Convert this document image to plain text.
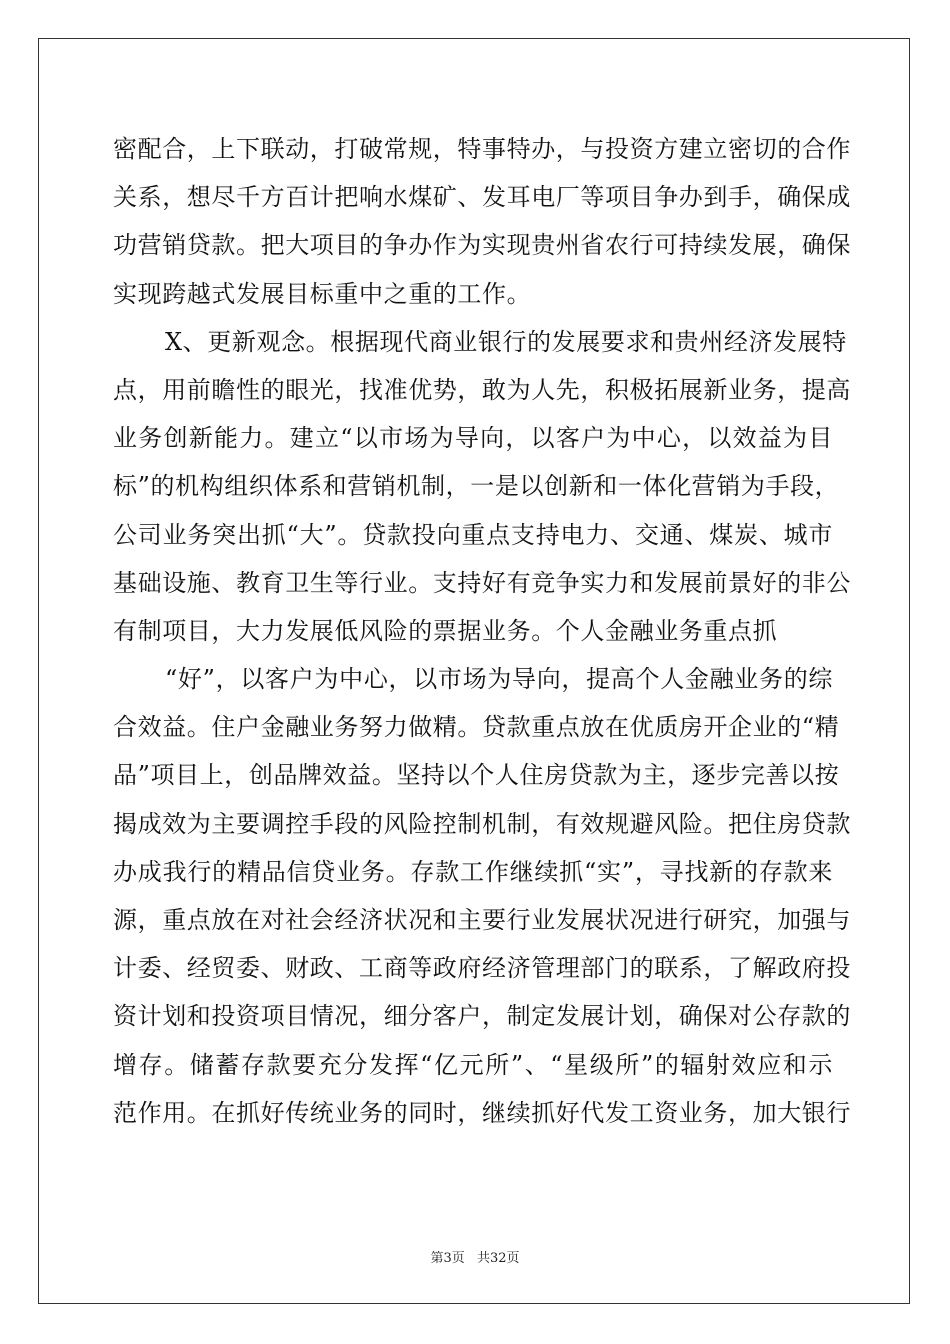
密配合，上下联动，打破常规，特事特办，与投资方建立密切的合作
关系，想尽千方百计把响水煤矿、发耳电厂等项目争办到手，确保成
功营销贷款。把大项目的争办作为实现贵州省农行可持续发展，确保
实现跨越式发展目标重中之重的工作。
X、更新观念。根据现代商业银行的发展要求和贵州经济发展特
点，用前瞻性的眼光，找准优势，敢为人先，积极拓展新业务，提高
业务创新能力。建立“以市场为导向，以客户为中心，以效益为目
标”的机构组织体系和营销机制，一是以创新和一体化营销为手段，
公司业务突出抓“大”。贷款投向重点支持电力、交通、煤炭、城市
基础设施、教育卫生等行业。支持好有竞争实力和发展前景好的非公
有制项目，大力发展低风险的票据业务。个人金融业务重点抓
“好”，以客户为中心，以市场为导向，提高个人金融业务的综
合效益。住户金融业务努力做精。贷款重点放在优质房开企业的“精
品”项目上，创品牌效益。坚持以个人住房贷款为主，逐步完善以按
揭成效为主要调控手段的风险控制机制，有效规避风险。把住房贷款
办成我行的精品信贷业务。存款工作继续抓“实”，寻找新的存款来
源，重点放在对社会经济状况和主要行业发展状况进行研究，加强与
计委、经贸委、财政、工商等政府经济管理部门的联系，了解政府投
资计划和投资项目情况，细分客户，制定发展计划，确保对公存款的
增存。储蓄存款要充分发挥“亿元所”、“星级所”的辐射效应和示
范作用。在抓好传统业务的同时，继续抓好代发工资业务，加大银行
第3页 共32页
